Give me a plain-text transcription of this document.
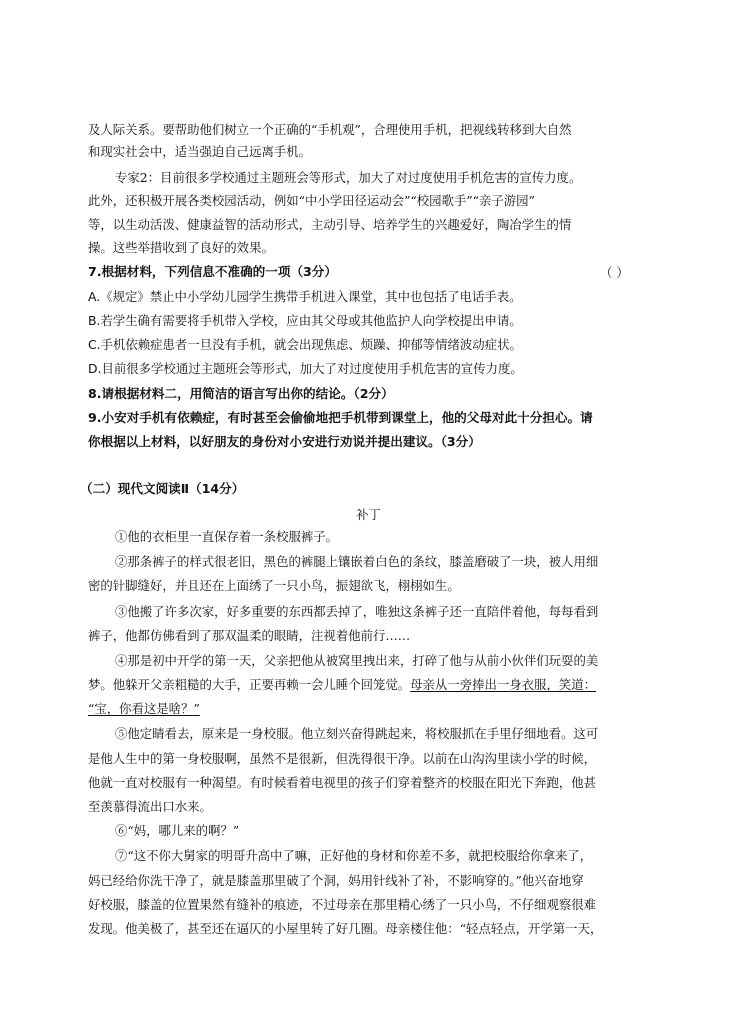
及人际关系。要帮助他们树立一个正确的“手机观”，合理使用手机，把视线转移到大自然
和现实社会中，适当强迫自己远离手机。
专家2：目前很多学校通过主题班会等形式，加大了对过度使用手机危害的宣传力度。
此外，还积极开展各类校园活动，例如“中小学田径运动会”“校园歌手”“亲子游园”
等，以生动活泼、健康益智的活动形式，主动引导、培养学生的兴趣爱好，陶冶学生的情
操。这些举措收到了良好的效果。
7.根据材料，下列信息不准确的一项（3分）	（ ）
A.《规定》禁止中小学幼儿园学生携带手机进入课堂，其中也包括了电话手表。
B.若学生确有需要将手机带入学校，应由其父母或其他监护人向学校提出申请。
C.手机依赖症患者一旦没有手机，就会出现焦虑、烦躁、抑郁等情绪波动症状。
D.目前很多学校通过主题班会等形式，加大了对过度使用手机危害的宣传力度。
8.请根据材料二，用简洁的语言写出你的结论。（2分）
9.小安对手机有依赖症，有时甚至会偷偷地把手机带到课堂上，他的父母对此十分担心。请
你根据以上材料，以好朋友的身份对小安进行劝说并提出建议。（3分）
（二）现代文阅读Ⅱ（14分）
补丁
①他的衣柜里一直保存着一条校服裤子。
②那条裤子的样式很老旧，黑色的裤腿上镶嵌着白色的条纹，膝盖磨破了一块，被人用细
密的针脚缝好，并且还在上面绣了一只小鸟，振翅欲飞，栩栩如生。
③他搬了许多次家，好多重要的东西都丢掉了，唯独这条裤子还一直陪伴着他，每每看到
裤子，他都仿佛看到了那双温柔的眼睛，注视着他前行……
④那是初中开学的第一天，父亲把他从被窝里拽出来，打碎了他与从前小伙伴们玩耍的美
梦。他躲开父亲粗糙的大手，正要再赖一会儿睡个回笼觉。母亲从一旁捧出一身衣服，笑道：
“宝，你看这是啥？”
⑤他定睛看去，原来是一身校服。他立刻兴奋得跳起来，将校服抓在手里仔细地看。这可
是他人生中的第一身校服啊，虽然不是很新，但洗得很干净。以前在山沟沟里读小学的时候，
他就一直对校服有一种渴望。有时候看着电视里的孩子们穿着整齐的校服在阳光下奔跑，他甚
至羡慕得流出口水来。
⑥“妈，哪儿来的啊？”
⑦“这不你大舅家的明哥升高中了嘛，正好他的身材和你差不多，就把校服给你拿来了，
妈已经给你洗干净了，就是膝盖那里破了个洞，妈用针线补了补，不影响穿的。”他兴奋地穿
好校服，膝盖的位置果然有缝补的痕迹，不过母亲在那里精心绣了一只小鸟，不仔细观察很难
发现。他美极了，甚至还在逼仄的小屋里转了好几圈。母亲楼住他：“轻点轻点，开学第一天，
